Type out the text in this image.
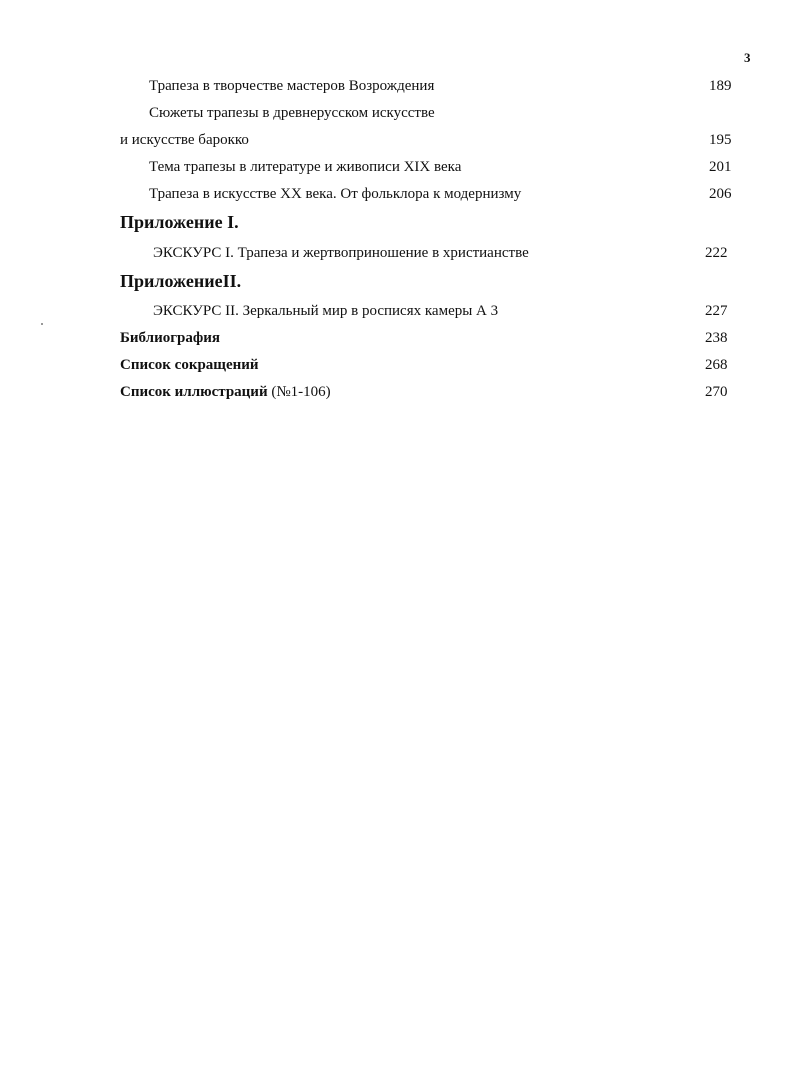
3
Трапеза в творчестве мастеров Возрождения	189
Сюжеты трапезы в древнерусском искусстве
и искусстве барокко	195
Тема трапезы в литературе и живописи XIX века	201
Трапеза в искусстве XX века. От фольклора к модернизму	206
Приложение I.
ЭКСКУРС I. Трапеза и жертвоприношение в христианстве	222
ПриложениеII.
ЭКСКУРС II. Зеркальный мир в росписях камеры А 3	227
Библиография	238
Список сокращений	268
Список иллюстраций (№1-106)	270
